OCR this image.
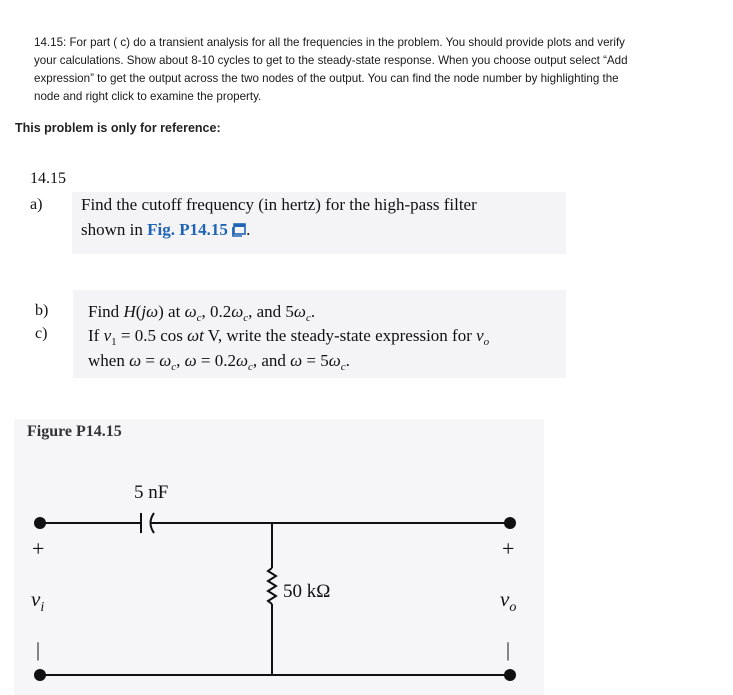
14.15: For part ( c) do a transient analysis for all the frequencies in the problem. You should provide plots and verify your calculations. Show about 8-10 cycles to get to the steady-state response. When you choose output select “Add expression” to get the output across the two nodes of the output. You can find the node number by highlighting the node and right click to examine the property.
This problem is only for reference:
14.15
a) Find the cutoff frequency (in hertz) for the high-pass filter
shown in Fig. P14.15 .
b)
c)
Find H(jω) at $\omega_c$, $0.2\omega_c$, and $5\omega_c$.
If $v_1 = 0.5$ cos ωt V, write the steady-state expression for $v_o$
when $\omega = \omega_c$, $\omega = 0.2\omega_c$, and $\omega = 5\omega_c$.
Figure P14.15
5 nF
50 kΩ
+
|
+
|
$v_i$	$v_o$
